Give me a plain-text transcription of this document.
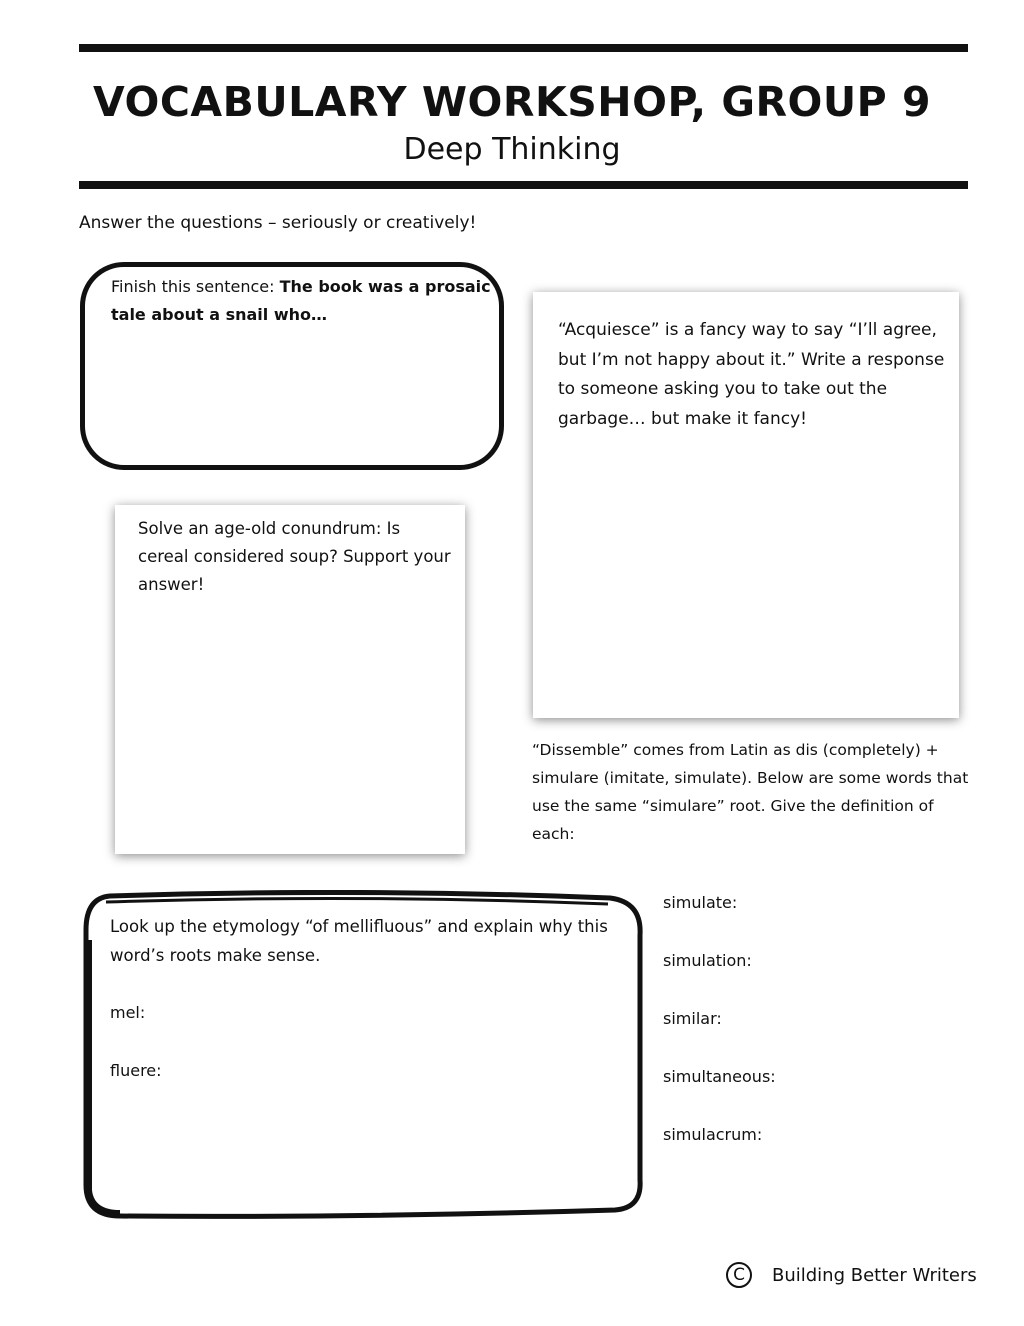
VOCABULARY WORKSHOP, GROUP 9

Deep Thinking

Answer the questions – seriously or creatively!

Finish this sentence: The book was a prosaic tale about a snail who…

“Acquiesce” is a fancy way to say “I’ll agree, but I’m not happy about it.” Write a response to someone asking you to take out the garbage… but make it fancy!

Solve an age-old conundrum: Is cereal considered soup? Support your answer!

“Dissemble” comes from Latin as dis (completely) + simulare (imitate, simulate). Below are some words that use the same “simulare” root. Give the definition of each:

Look up the etymology “of mellifluous” and explain why this word’s roots make sense.

mel:

fluere:

simulate:

simulation:

similar:

simultaneous:

simulacrum:

C	Building Better Writers
